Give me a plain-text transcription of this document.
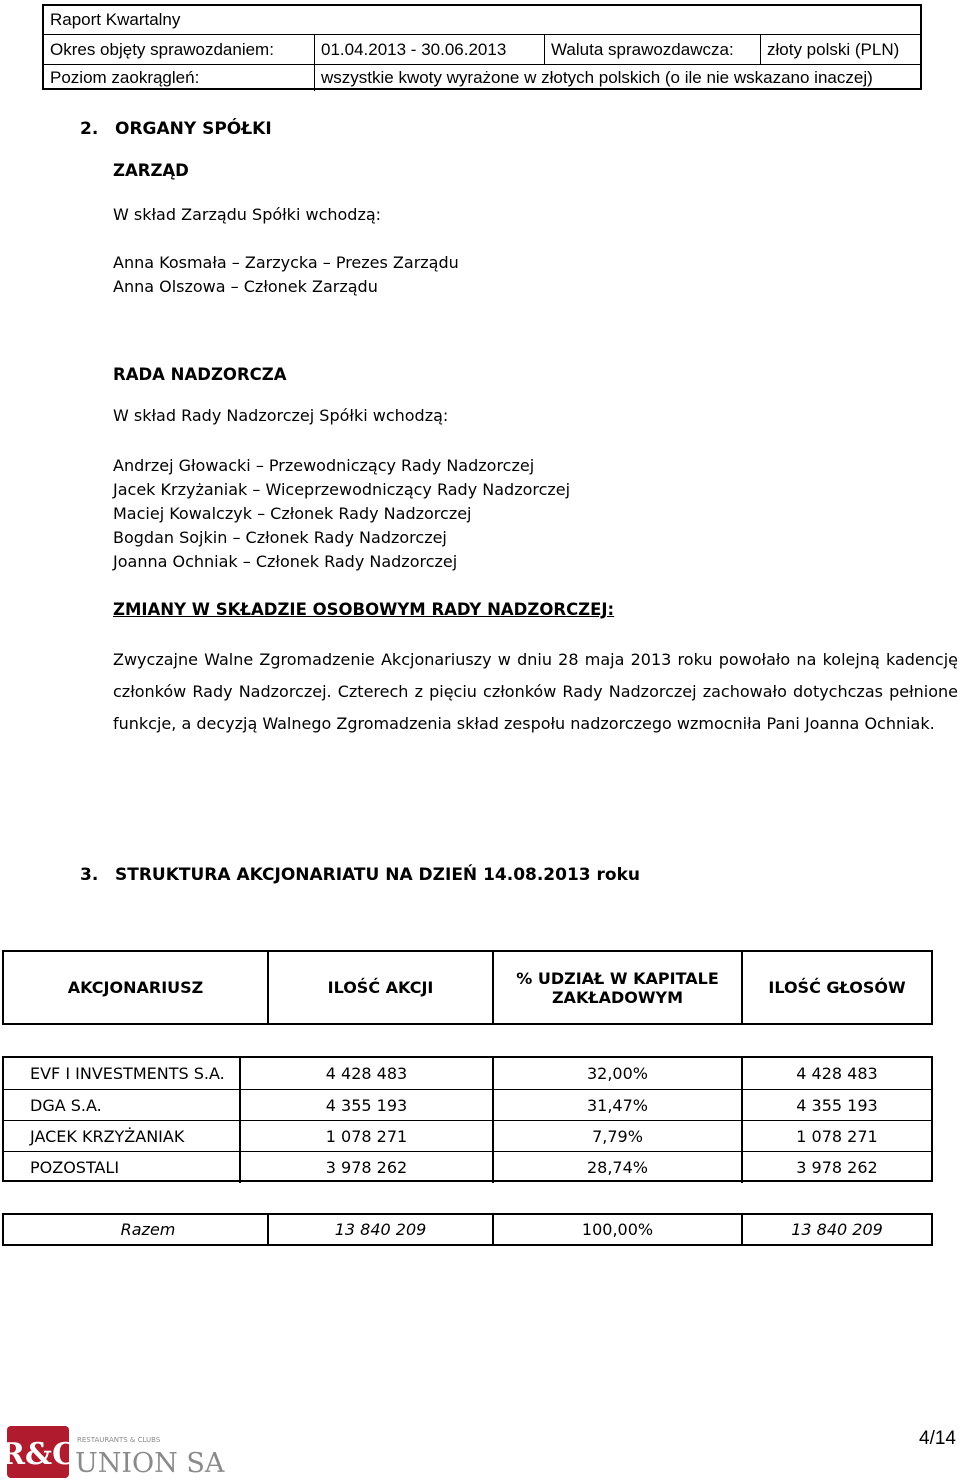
Raport Kwartalny
Okres objęty sprawozdaniem:	01.04.2013 - 30.06.2013	Waluta sprawozdawcza:	złoty polski (PLN)
Poziom zaokrągleń:	wszystkie kwoty wyrażone w złotych polskich (o ile nie wskazano inaczej)
2. ORGANY SPÓŁKI
ZARZĄD
W skład Zarządu Spółki wchodzą:
Anna Kosmała – Zarzycka – Prezes Zarządu
Anna Olszowa – Członek Zarządu
RADA NADZORCZA
W skład Rady Nadzorczej Spółki wchodzą:
Andrzej Głowacki – Przewodniczący Rady Nadzorczej
Jacek Krzyżaniak – Wiceprzewodniczący Rady Nadzorczej
Maciej Kowalczyk – Członek Rady Nadzorczej
Bogdan Sojkin – Członek Rady Nadzorczej
Joanna Ochniak – Członek Rady Nadzorczej
ZMIANY W SKŁADZIE OSOBOWYM RADY NADZORCZEJ:
Zwyczajne Walne Zgromadzenie Akcjonariuszy w dniu 28 maja 2013 roku powołało na kolejną kadencję członków Rady Nadzorczej. Czterech z pięciu członków Rady Nadzorczej zachowało dotychczas pełnione funkcje, a decyzją Walnego Zgromadzenia skład zespołu nadzorczego wzmocniła Pani Joanna Ochniak.
3. STRUKTURA AKCJONARIATU NA DZIEŃ 14.08.2013 roku
AKCJONARIUSZ	ILOŚĆ AKCJI	% UDZIAŁ W KAPITALE ZAKŁADOWYM	ILOŚĆ GŁOSÓW
EVF I INVESTMENTS S.A.	4 428 483	32,00%	4 428 483
DGA S.A.	4 355 193	31,47%	4 355 193
JACEK KRZYŻANIAK	1 078 271	7,79%	1 078 271
POZOSTALI	3 978 262	28,74%	3 978 262
Razem	13 840 209	100,00%	13 840 209
R&C RESTAURANTS & CLUBS
UNION SA
4/14
